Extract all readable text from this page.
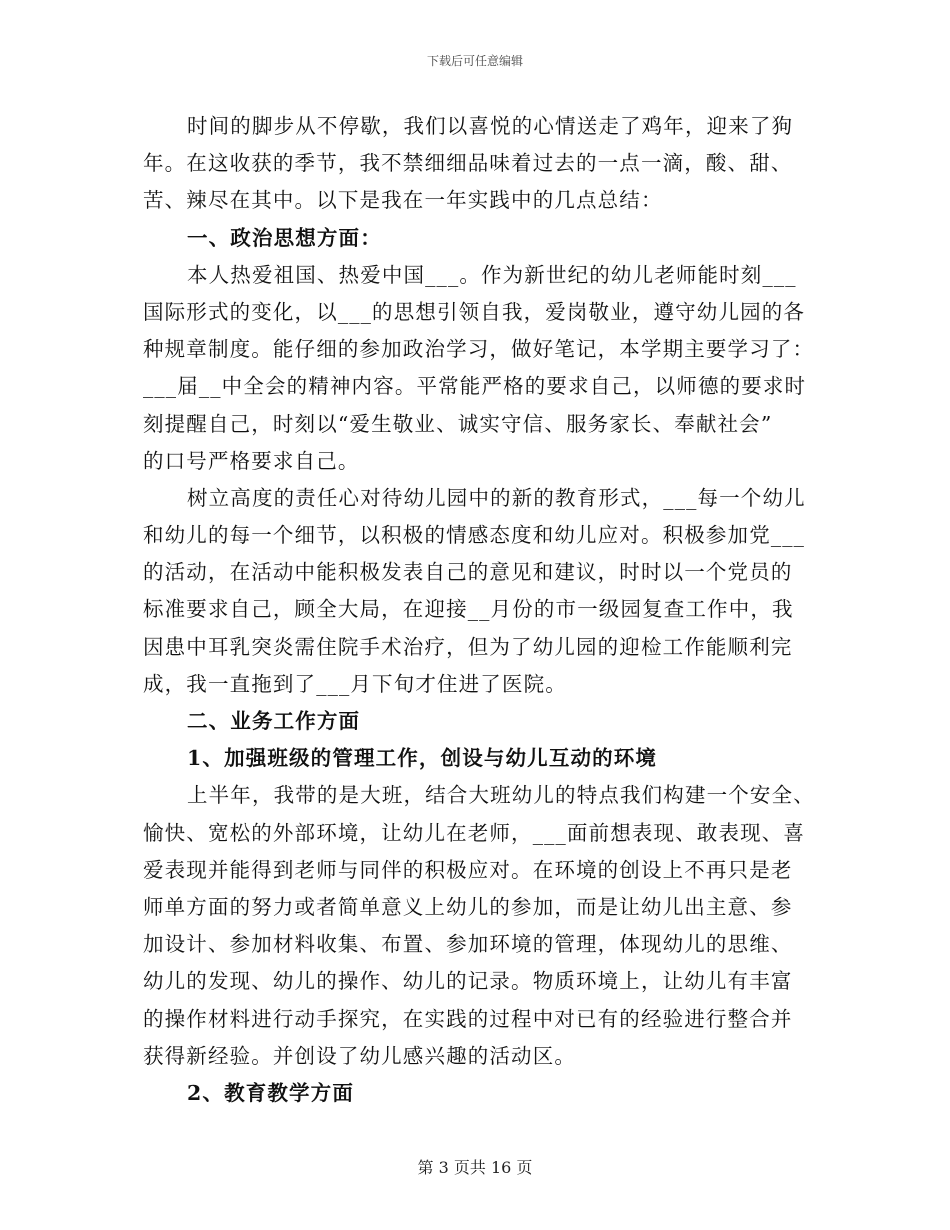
下载后可任意编辑
时间的脚步从不停歇，我们以喜悦的心情送走了鸡年，迎来了狗
年。在这收获的季节，我不禁细细品味着过去的一点一滴，酸、甜、
苦、辣尽在其中。以下是我在一年实践中的几点总结：
一、政治思想方面：
本人热爱祖国、热爱中国___。作为新世纪的幼儿老师能时刻___
国际形式的变化，以___的思想引领自我，爱岗敬业，遵守幼儿园的各
种规章制度。能仔细的参加政治学习，做好笔记，本学期主要学习了：
___届__中全会的精神内容。平常能严格的要求自己，以师德的要求时
刻提醒自己，时刻以“爱生敬业、诚实守信、服务家长、奉献社会”
的口号严格要求自己。
树立高度的责任心对待幼儿园中的新的教育形式，___每一个幼儿
和幼儿的每一个细节，以积极的情感态度和幼儿应对。积极参加党___
的活动，在活动中能积极发表自己的意见和建议，时时以一个党员的
标准要求自己，顾全大局，在迎接__月份的市一级园复查工作中，我
因患中耳乳突炎需住院手术治疗，但为了幼儿园的迎检工作能顺利完
成，我一直拖到了___月下旬才住进了医院。
二、业务工作方面
1、加强班级的管理工作，创设与幼儿互动的环境
上半年，我带的是大班，结合大班幼儿的特点我们构建一个安全、
愉快、宽松的外部环境，让幼儿在老师，___面前想表现、敢表现、喜
爱表现并能得到老师与同伴的积极应对。在环境的创设上不再只是老
师单方面的努力或者简单意义上幼儿的参加，而是让幼儿出主意、参
加设计、参加材料收集、布置、参加环境的管理，体现幼儿的思维、
幼儿的发现、幼儿的操作、幼儿的记录。物质环境上，让幼儿有丰富
的操作材料进行动手探究，在实践的过程中对已有的经验进行整合并
获得新经验。并创设了幼儿感兴趣的活动区。
2、教育教学方面
第 3 页共 16 页
